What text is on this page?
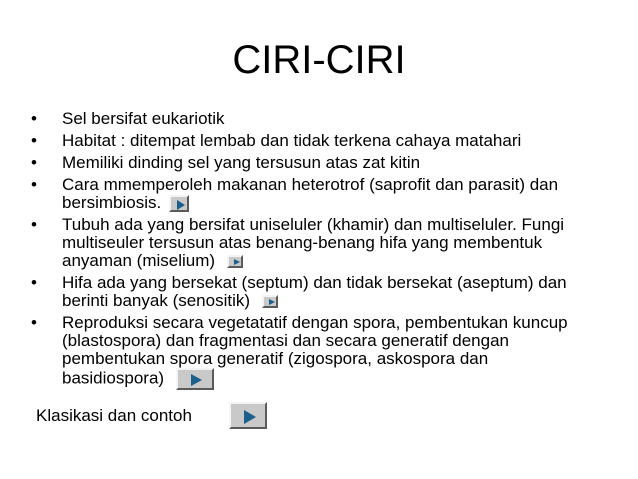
CIRI-CIRI
• Sel bersifat eukariotik
• Habitat : ditempat lembab dan tidak terkena cahaya matahari
• Memiliki dinding sel yang tersusun atas zat kitin
• Cara mmemperoleh makanan heterotrof (saprofit dan parasit) dan
bersimbiosis.
• Tubuh ada yang bersifat uniseluler (khamir) dan multiseluler. Fungi
multiseuler tersusun atas benang-benang hifa yang membentuk
anyaman (miselium)
• Hifa ada yang bersekat (septum) dan tidak bersekat (aseptum) dan
berinti banyak (senositik)
• Reproduksi secara vegetatatif dengan spora, pembentukan kuncup
(blastospora) dan fragmentasi dan secara generatif dengan
pembentukan spora generatif (zigospora, askospora dan
basidiospora)
Klasikasi dan contoh
